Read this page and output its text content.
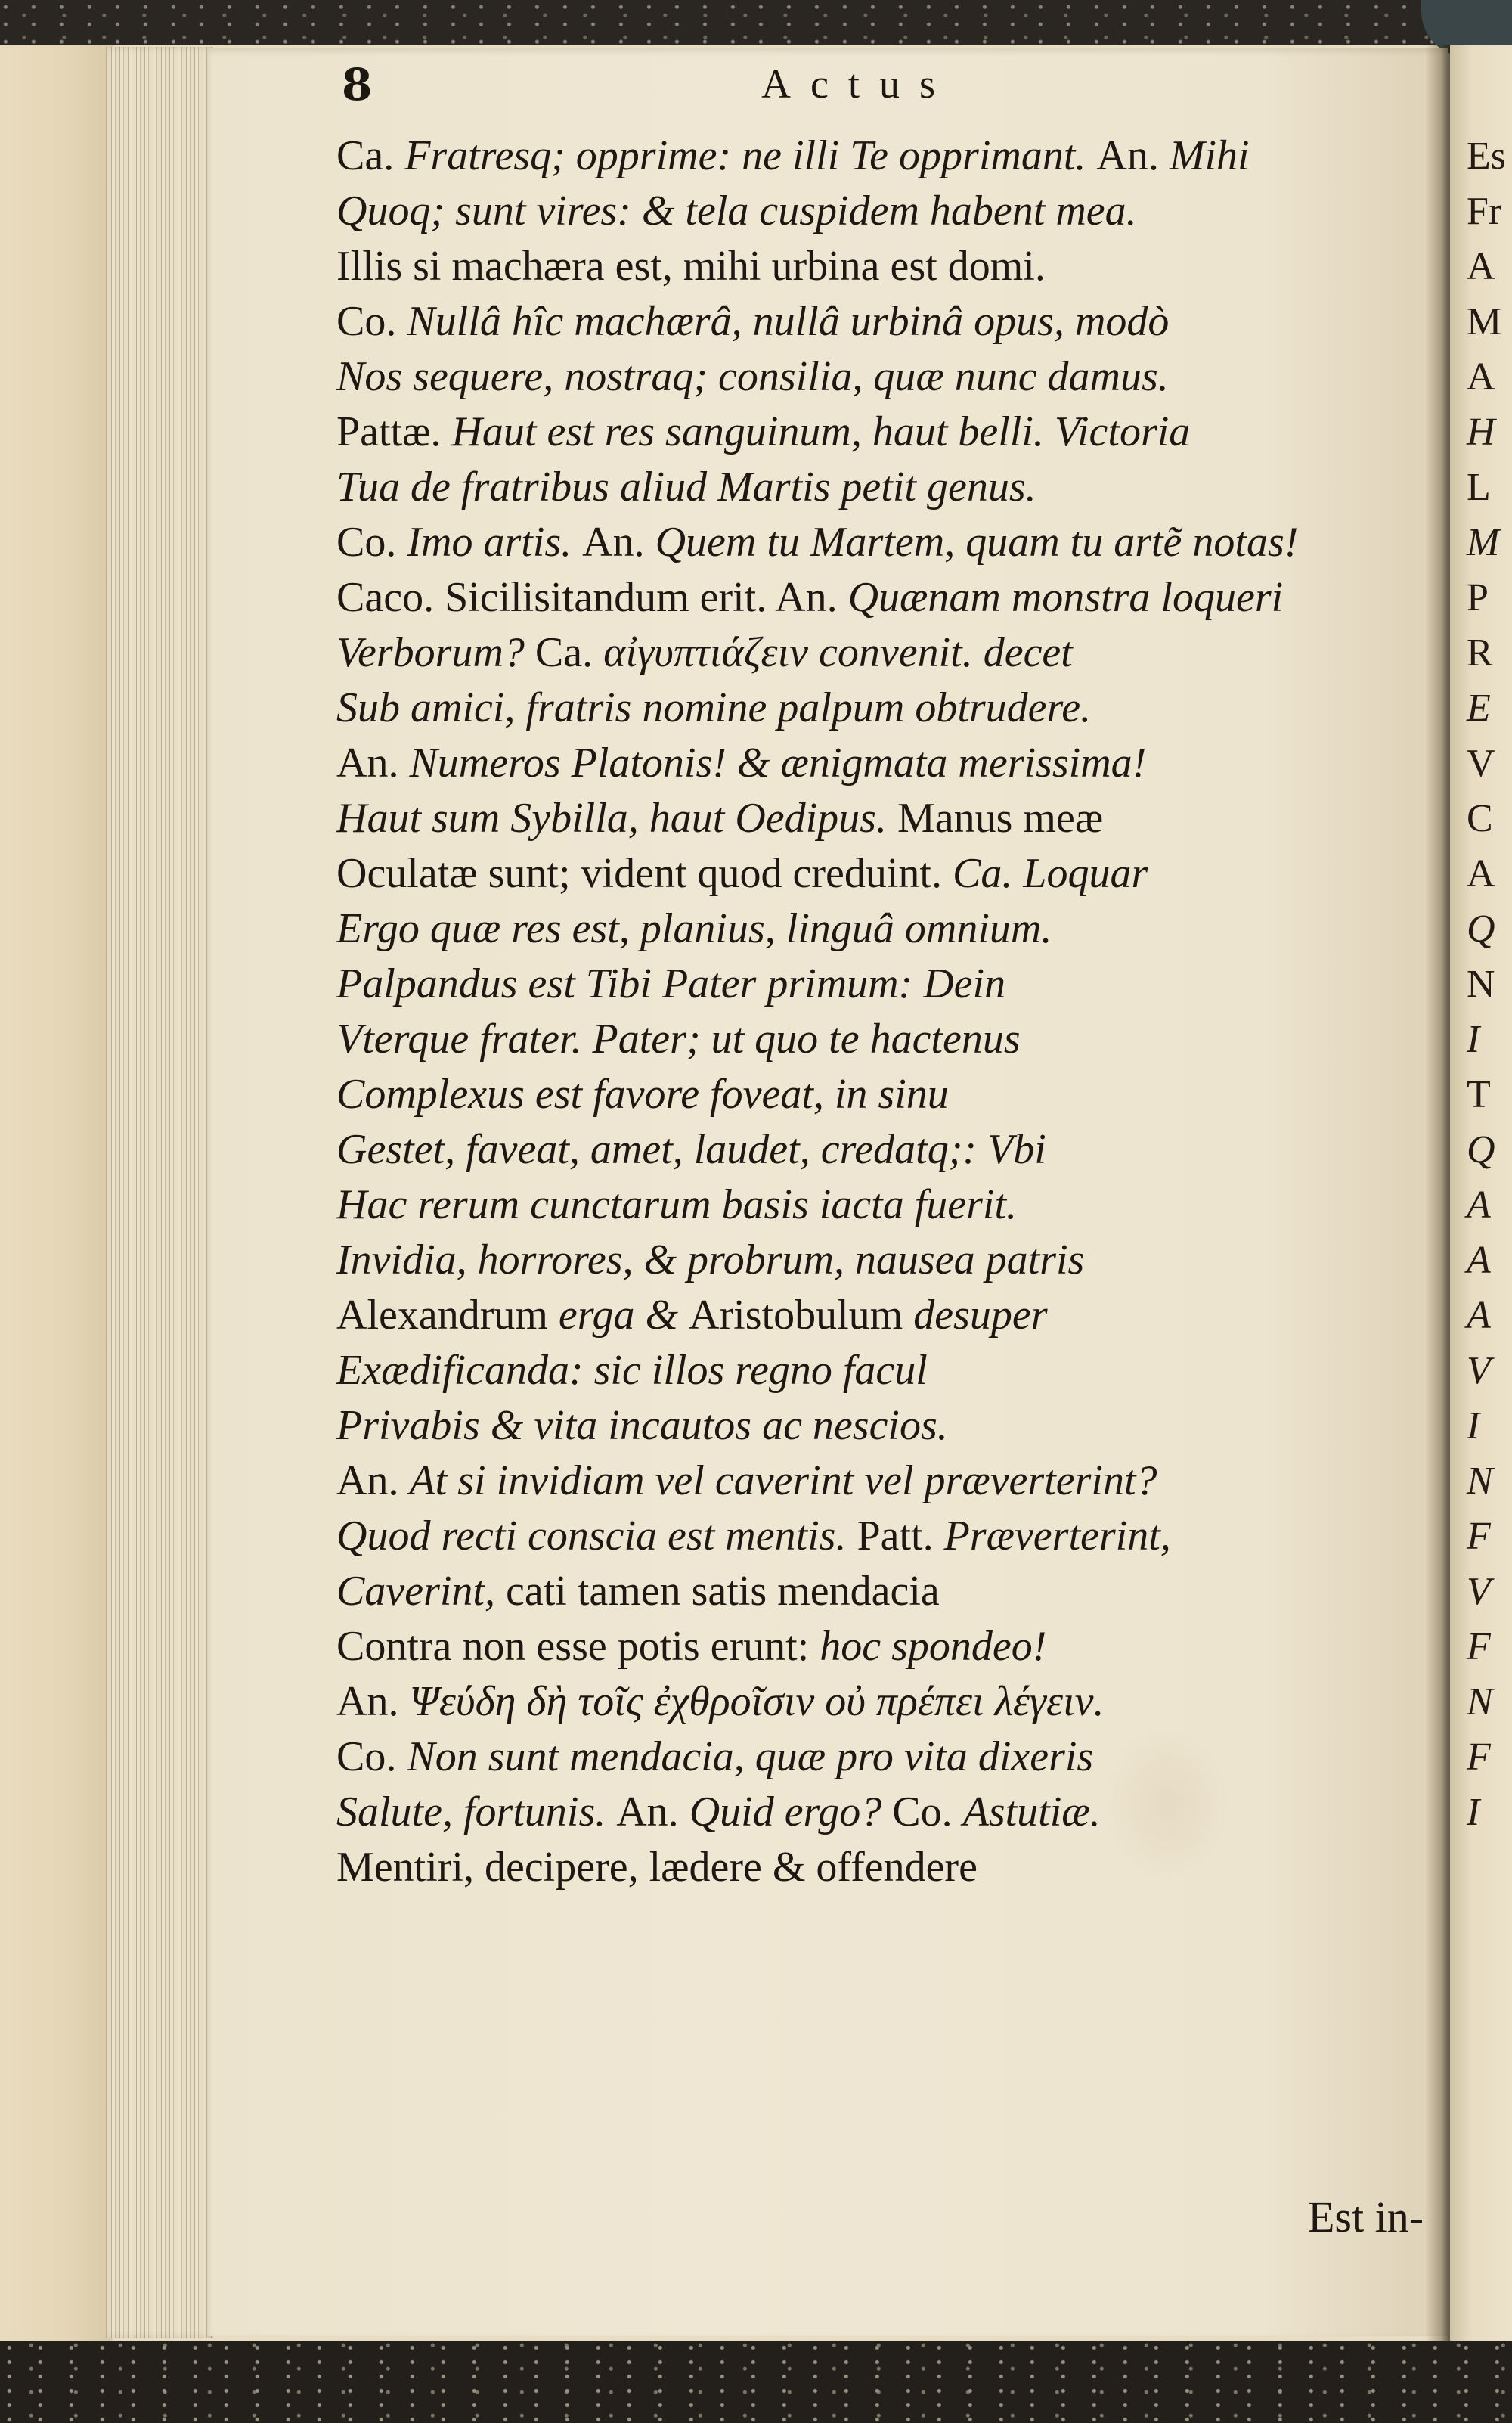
8	Actus
Ca. Fratresq; opprime: ne illi Te opprimant. An. Mihi
Quoq; sunt vires: & tela cuspidem habent mea.
Illis si machæra est, mihi urbina est domi.
Co. Nullâ hîc machærâ, nullâ urbinâ opus, modò
Nos sequere, nostraq; consilia, quæ nunc damus.
Pattæ. Haut est res sanguinum, haut belli. Victoria
Tua de fratribus aliud Martis petit genus.
Co. Imo artis. An. Quem tu Martem, quam tu artẽ notas!
Caco. Sicilisitandum erit. An. Quænam monstra loqueri
Verborum? Ca. αἰγυπτιάζειν convenit. decet
Sub amici, fratris nomine palpum obtrudere.
An. Numeros Platonis! & ænigmata merissima!
Haut sum Sybilla, haut Oedipus. Manus meæ
Oculatæ sunt; vident quod creduint. Ca. Loquar
Ergo quæ res est, planius, linguâ omnium.
Palpandus est Tibi Pater primum: Dein
Vterque frater. Pater; ut quo te hactenus
Complexus est favore foveat, in sinu
Gestet, faveat, amet, laudet, credatq;: Vbi
Hac rerum cunctarum basis iacta fuerit.
Invidia, horrores, & probrum, nausea patris
Alexandrum erga & Aristobulum desuper
Exædificanda: sic illos regno facul
Privabis & vita incautos ac nescios.
An. At si invidiam vel caverint vel præverterint?
Quod recti conscia est mentis. Patt. Præverterint,
Caverint, cati tamen satis mendacia
Contra non esse potis erunt: hoc spondeo!
An. Ψεύδη δὴ τοῖς ἐχθροῖσιν οὐ πρέπει λέγειν.
Co. Non sunt mendacia, quæ pro vita dixeris
Salute, fortunis. An. Quid ergo? Co. Astutiæ.
Mentiri, decipere, lædere & offendere
Es
Fr
A
M
A
H
L
M
P
R
E
V
C
A
Q
N
I
T
Q
A
A
A
V
I
N
F
V
F
N
F
I
Est in-
